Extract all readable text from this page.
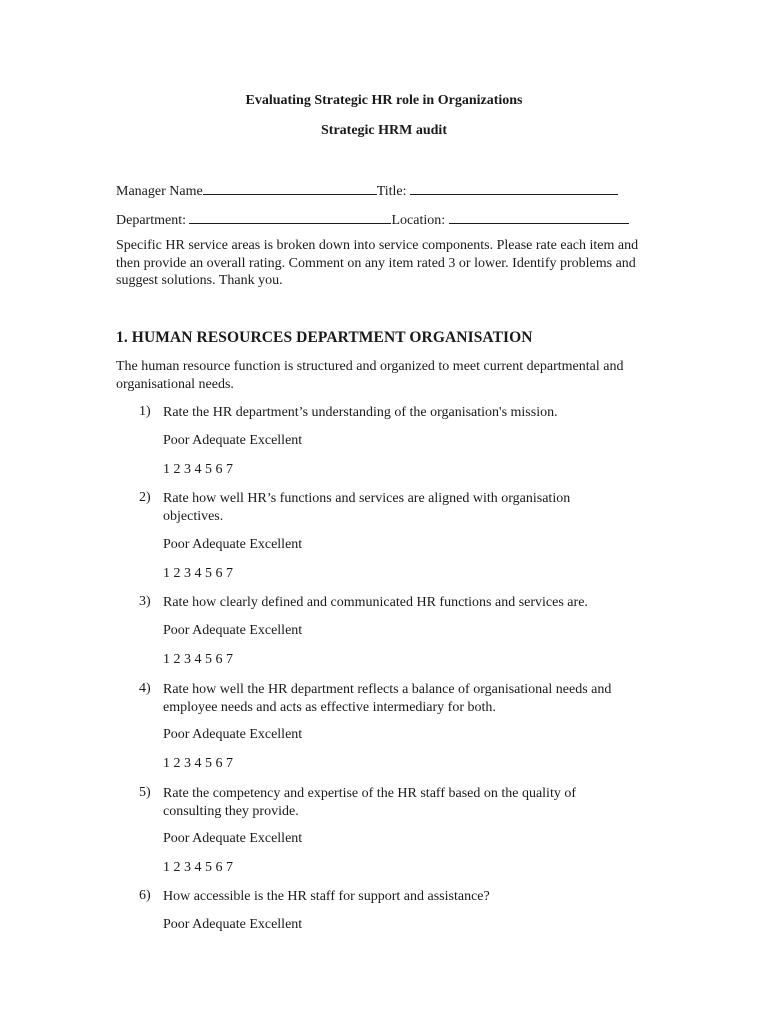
Evaluating Strategic HR role in Organizations
Strategic HRM audit
Manager Name	Title:
Department:	Location:
Specific HR service areas is broken down into service components. Please rate each item and then provide an overall rating. Comment on any item rated 3 or lower. Identify problems and suggest solutions. Thank you.
1. HUMAN RESOURCES DEPARTMENT ORGANISATION
The human resource function is structured and organized to meet current departmental and organisational needs.
1) Rate the HR department’s understanding of the organisation's mission.
Poor Adequate Excellent
1 2 3 4 5 6 7
2) Rate how well HR’s functions and services are aligned with organisation objectives.
Poor Adequate Excellent
1 2 3 4 5 6 7
3) Rate how clearly defined and communicated HR functions and services are.
Poor Adequate Excellent
1 2 3 4 5 6 7
4) Rate how well the HR department reflects a balance of organisational needs and employee needs and acts as effective intermediary for both.
Poor Adequate Excellent
1 2 3 4 5 6 7
5) Rate the competency and expertise of the HR staff based on the quality of consulting they provide.
Poor Adequate Excellent
1 2 3 4 5 6 7
6) How accessible is the HR staff for support and assistance?
Poor Adequate Excellent
